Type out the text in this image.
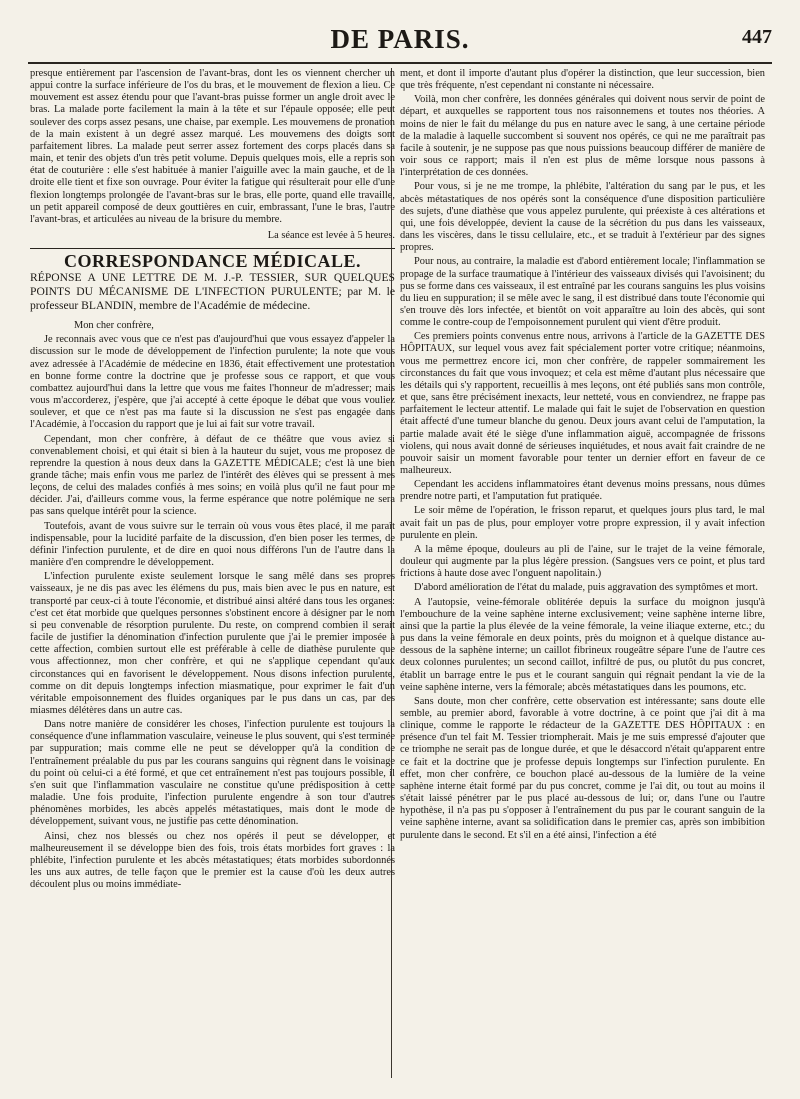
DE PARIS.	447

presque entièrement par l'ascension de l'avant-bras, dont les os viennent chercher un appui contre la surface inférieure de l'os du bras, et le mouvement de flexion a lieu. Ce mouvement est assez étendu pour que l'avant-bras puisse former un angle droit avec le bras. La malade porte facilement la main à la tête et sur l'épaule opposée; elle peut soulever des corps assez pesans, une chaise, par exemple. Les mouvemens de pronation de la main existent à un degré assez marqué. Les mouvemens des doigts sont parfaitement libres. La malade peut serrer assez fortement des corps placés dans sa main, et tenir des objets d'un très petit volume. Depuis quelques mois, elle a repris son état de couturière : elle s'est habituée à manier l'aiguille avec la main gauche, et de la droite elle tient et fixe son ouvrage. Pour éviter la fatigue qui résulterait pour elle d'une flexion longtemps prolongée de l'avant-bras sur le bras, elle porte, quand elle travaille, un petit appareil composé de deux gouttières en cuir, embrassant, l'une le bras, l'autre l'avant-bras, et articulées au niveau de la brisure du membre.

La séance est levée à 5 heures.

CORRESPONDANCE MÉDICALE.

RÉPONSE A UNE LETTRE DE M. J.-P. TESSIER, SUR QUELQUES POINTS DU MÉCANISME DE L'INFECTION PURULENTE; par M. le professeur BLANDIN, membre de l'Académie de médecine.

Mon cher confrère,

Je reconnais avec vous que ce n'est pas d'aujourd'hui que vous essayez d'appeler la discussion sur le mode de développement de l'infection purulente; la note que vous avez adressée à l'Académie de médecine en 1836, était effectivement une protestation en bonne forme contre la doctrine que je professe sous ce rapport, et que vous combattez aujourd'hui dans la lettre que vous me faites l'honneur de m'adresser; mais vous m'accorderez, j'espère, que j'ai accepté à cette époque le débat que vous vouliez soulever, et que ce n'est pas ma faute si la discussion ne s'est pas engagée dans l'Académie, à l'occasion du rapport que je lui ai fait sur votre travail.

Cependant, mon cher confrère, à défaut de ce théâtre que vous aviez si convenablement choisi, et qui était si bien à la hauteur du sujet, vous me proposez de reprendre la question à nous deux dans la GAZETTE MÉDICALE; c'est là une bien grande tâche; mais enfin vous me parlez de l'intérêt des élèves qui se pressent à mes leçons, de celui des malades confiés à mes soins; en voilà plus qu'il ne faut pour me décider. J'ai, d'ailleurs comme vous, la ferme espérance que notre polémique ne sera pas sans quelque intérêt pour la science.

Toutefois, avant de vous suivre sur le terrain où vous vous êtes placé, il me paraît indispensable, pour la lucidité parfaite de la discussion, d'en bien poser les termes, de définir l'infection purulente, et de dire en quoi nous différons l'un de l'autre dans la manière d'en comprendre le développement.

L'infection purulente existe seulement lorsque le sang mêlé dans ses propres vaisseaux, je ne dis pas avec les élémens du pus, mais bien avec le pus en nature, est transporté par ceux-ci à toute l'économie, et distribué ainsi altéré dans tous les organes: c'est cet état morbide que quelques personnes s'obstinent encore à désigner par le nom si peu convenable de résorption purulente. Du reste, on comprend combien il serait facile de justifier la dénomination d'infection purulente que j'ai le premier imposée à cette affection, combien surtout elle est préférable à celle de diathèse purulente que vous affectionnez, mon cher confrère, et qui ne s'applique cependant qu'aux circonstances qui en favorisent le développement. Nous disons infection purulente, comme on dit depuis longtemps infection miasmatique, pour exprimer le fait d'un véritable empoisonnement des fluides organiques par le pus dans un cas, par des miasmes délétères dans un autre cas.

Dans notre manière de considérer les choses, l'infection purulente est toujours la conséquence d'une inflammation vasculaire, veineuse le plus souvent, qui s'est terminée par suppuration; mais comme elle ne peut se développer qu'à la condition de l'entraînement préalable du pus par les courans sanguins qui règnent dans le voisinage du point où celui-ci a été formé, et que cet entraînement n'est pas toujours possible, il s'en suit que l'inflammation vasculaire ne constitue qu'une prédisposition à cette maladie. Une fois produite, l'infection purulente engendre à son tour d'autres phénomènes morbides, les abcès appelés métastatiques, mais dont le mode de développement, suivant vous, ne justifie pas cette dénomination.

Ainsi, chez nos blessés ou chez nos opérés il peut se développer, et malheureusement il se développe bien des fois, trois états morbides fort graves : la phlébite, l'infection purulente et les abcès métastatiques; états morbides subordonnés les uns aux autres, de telle façon que le premier est la cause d'où les deux autres découlent plus ou moins immédiate-

ment, et dont il importe d'autant plus d'opérer la distinction, que leur succession, bien que très fréquente, n'est cependant ni constante ni nécessaire.

Voilà, mon cher confrère, les données générales qui doivent nous servir de point de départ, et auxquelles se rapportent tous nos raisonnemens et toutes nos théories. A moins de nier le fait du mélange du pus en nature avec le sang, à une certaine période de la maladie à laquelle succombent si souvent nos opérés, ce qui ne me paraîtrait pas facile à soutenir, je ne suppose pas que nous puissions beaucoup différer de manière de voir sous ce rapport; mais il n'en est plus de même lorsque nous passons à l'interprétation de ces données.

Pour vous, si je ne me trompe, la phlébite, l'altération du sang par le pus, et les abcès métastatiques de nos opérés sont la conséquence d'une disposition particulière des sujets, d'une diathèse que vous appelez purulente, qui préexiste à ces altérations et qui, une fois développée, devient la cause de la sécrétion du pus dans les vaisseaux, dans les viscères, dans le tissu cellulaire, etc., et se traduit à l'extérieur par des signes propres.

Pour nous, au contraire, la maladie est d'abord entièrement locale; l'inflammation se propage de la surface traumatique à l'intérieur des vaisseaux divisés qui l'avoisinent; du pus se forme dans ces vaisseaux, il est entraîné par les courans sanguins les plus voisins du lieu en suppuration; il se mêle avec le sang, il est distribué dans toute l'économie qui s'en trouve dès lors infectée, et bientôt on voit apparaître au loin des abcès, qui sont comme le contre-coup de l'empoisonnement purulent qui vient d'être produit.

Ces premiers points convenus entre nous, arrivons à l'article de la GAZETTE DES HÔPITAUX, sur lequel vous avez fait spécialement porter votre critique; néanmoins, vous me permettrez encore ici, mon cher confrère, de rappeler sommairement les circonstances du fait que vous invoquez; et cela est même d'autant plus nécessaire que les détails qui s'y rapportent, recueillis à mes leçons, ont été publiés sans mon contrôle, et que, sans être précisément inexacts, leur netteté, vous en conviendrez, ne frappe pas parfaitement le lecteur attentif. Le malade qui fait le sujet de l'observation en question était affecté d'une tumeur blanche du genou. Deux jours avant celui de l'amputation, la partie malade avait été le siège d'une inflammation aiguë, accompagnée de frissons violens, qui nous avait donné de sérieuses inquiétudes, et nous avait fait craindre de ne pouvoir saisir un moment favorable pour tenter un dernier effort en faveur de ce malheureux.

Cependant les accidens inflammatoires étant devenus moins pressans, nous dûmes prendre notre parti, et l'amputation fut pratiquée.

Le soir même de l'opération, le frisson reparut, et quelques jours plus tard, le mal avait fait un pas de plus, pour employer votre propre expression, il y avait infection purulente en plein.

A la même époque, douleurs au pli de l'aine, sur le trajet de la veine fémorale, douleur qui augmente par la plus légère pression. (Sangsues vers ce point, et plus tard frictions à haute dose avec l'onguent napolitain.)

D'abord amélioration de l'état du malade, puis aggravation des symptômes et mort.

A l'autopsie, veine-fémorale oblitérée depuis la surface du moignon jusqu'à l'embouchure de la veine saphène interne exclusivement; veine saphène interne libre, ainsi que la partie la plus élevée de la veine fémorale, la veine iliaque externe, etc.; du pus dans la veine fémorale en deux points, près du moignon et à quelque distance au-dessous de la saphène interne; un caillot fibrineux rougeâtre sépare l'une de l'autre ces deux colonnes purulentes; un second caillot, infiltré de pus, ou plutôt du pus concret, établit un barrage entre le pus et le courant sanguin qui régnait pendant la vie de la veine saphène interne, vers la fémorale; abcès métastatiques dans les poumons, etc.

Sans doute, mon cher confrère, cette observation est intéressante; sans doute elle semble, au premier abord, favorable à votre doctrine, à ce point que j'ai dit à ma clinique, comme le rapporte le rédacteur de la GAZETTE DES HÔPITAUX : en présence d'un tel fait M. Tessier triompherait. Mais je me suis empressé d'ajouter que ce triomphe ne serait pas de longue durée, et que le désaccord n'était qu'apparent entre ce fait et la doctrine que je professe depuis longtemps sur l'infection purulente. En effet, mon cher confrère, ce bouchon placé au-dessous de la lumière de la veine saphène interne était formé par du pus concret, comme je l'ai dit, ou tout au moins il s'était laissé pénétrer par le pus placé au-dessous de lui; or, dans l'une ou l'autre hypothèse, il n'a pas pu s'opposer à l'entraînement du pus par le courant sanguin de la veine saphène interne, avant sa solidification dans le premier cas, après son imbibition purulente dans le second. Et s'il en a été ainsi, l'infection a été
